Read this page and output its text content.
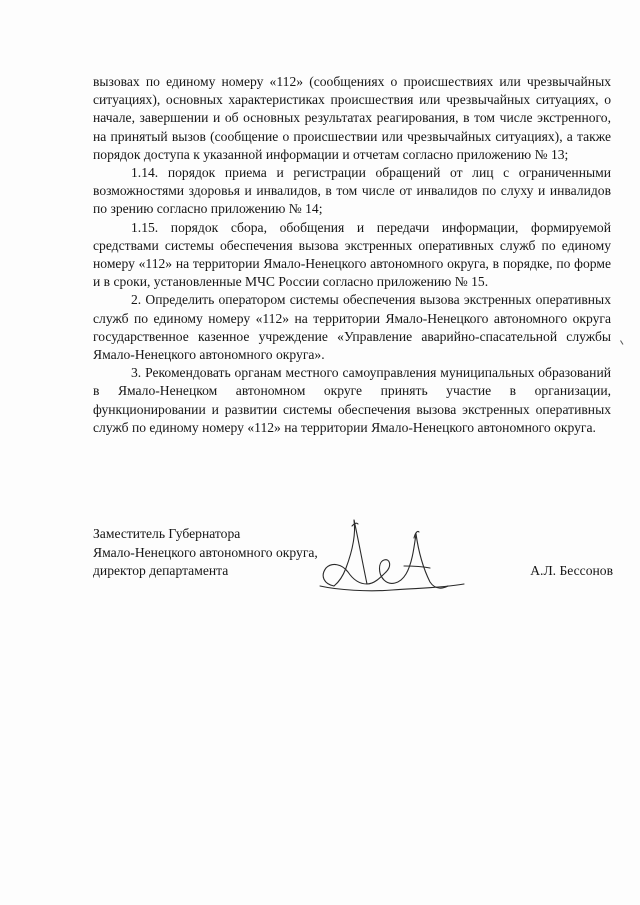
вызовах по единому номеру «112» (сообщениях о происшествиях или чрезвычайных ситуациях), основных характеристиках происшествия или чрезвычайных ситуациях, о начале, завершении и об основных результатах реагирования, в том числе экстренного, на принятый вызов (сообщение о происшествии или чрезвычайных ситуациях), а также порядок доступа к указанной информации и отчетам согласно приложению № 13;

1.14. порядок приема и регистрации обращений от лиц с ограниченными возможностями здоровья и инвалидов, в том числе от инвалидов по слуху и инвалидов по зрению согласно приложению № 14;

1.15. порядок сбора, обобщения и передачи информации, формируемой средствами системы обеспечения вызова экстренных оперативных служб по единому номеру «112» на территории Ямало-Ненецкого автономного округа, в порядке, по форме и в сроки, установленные МЧС России согласно приложению № 15.

2. Определить оператором системы обеспечения вызова экстренных оперативных служб по единому номеру «112» на территории Ямало-Ненецкого автономного округа государственное казенное учреждение «Управление аварийно-спасательной службы Ямало-Ненецкого автономного округа».

3. Рекомендовать органам местного самоуправления муниципальных образований в Ямало-Ненецком автономном округе принять участие в организации, функционировании и развитии системы обеспечения вызова экстренных оперативных служб по единому номеру «112» на территории Ямало-Ненецкого автономного округа.

Заместитель Губернатора
Ямало-Ненецкого автономного округа,
директор департамента	А.Л. Бессонов
